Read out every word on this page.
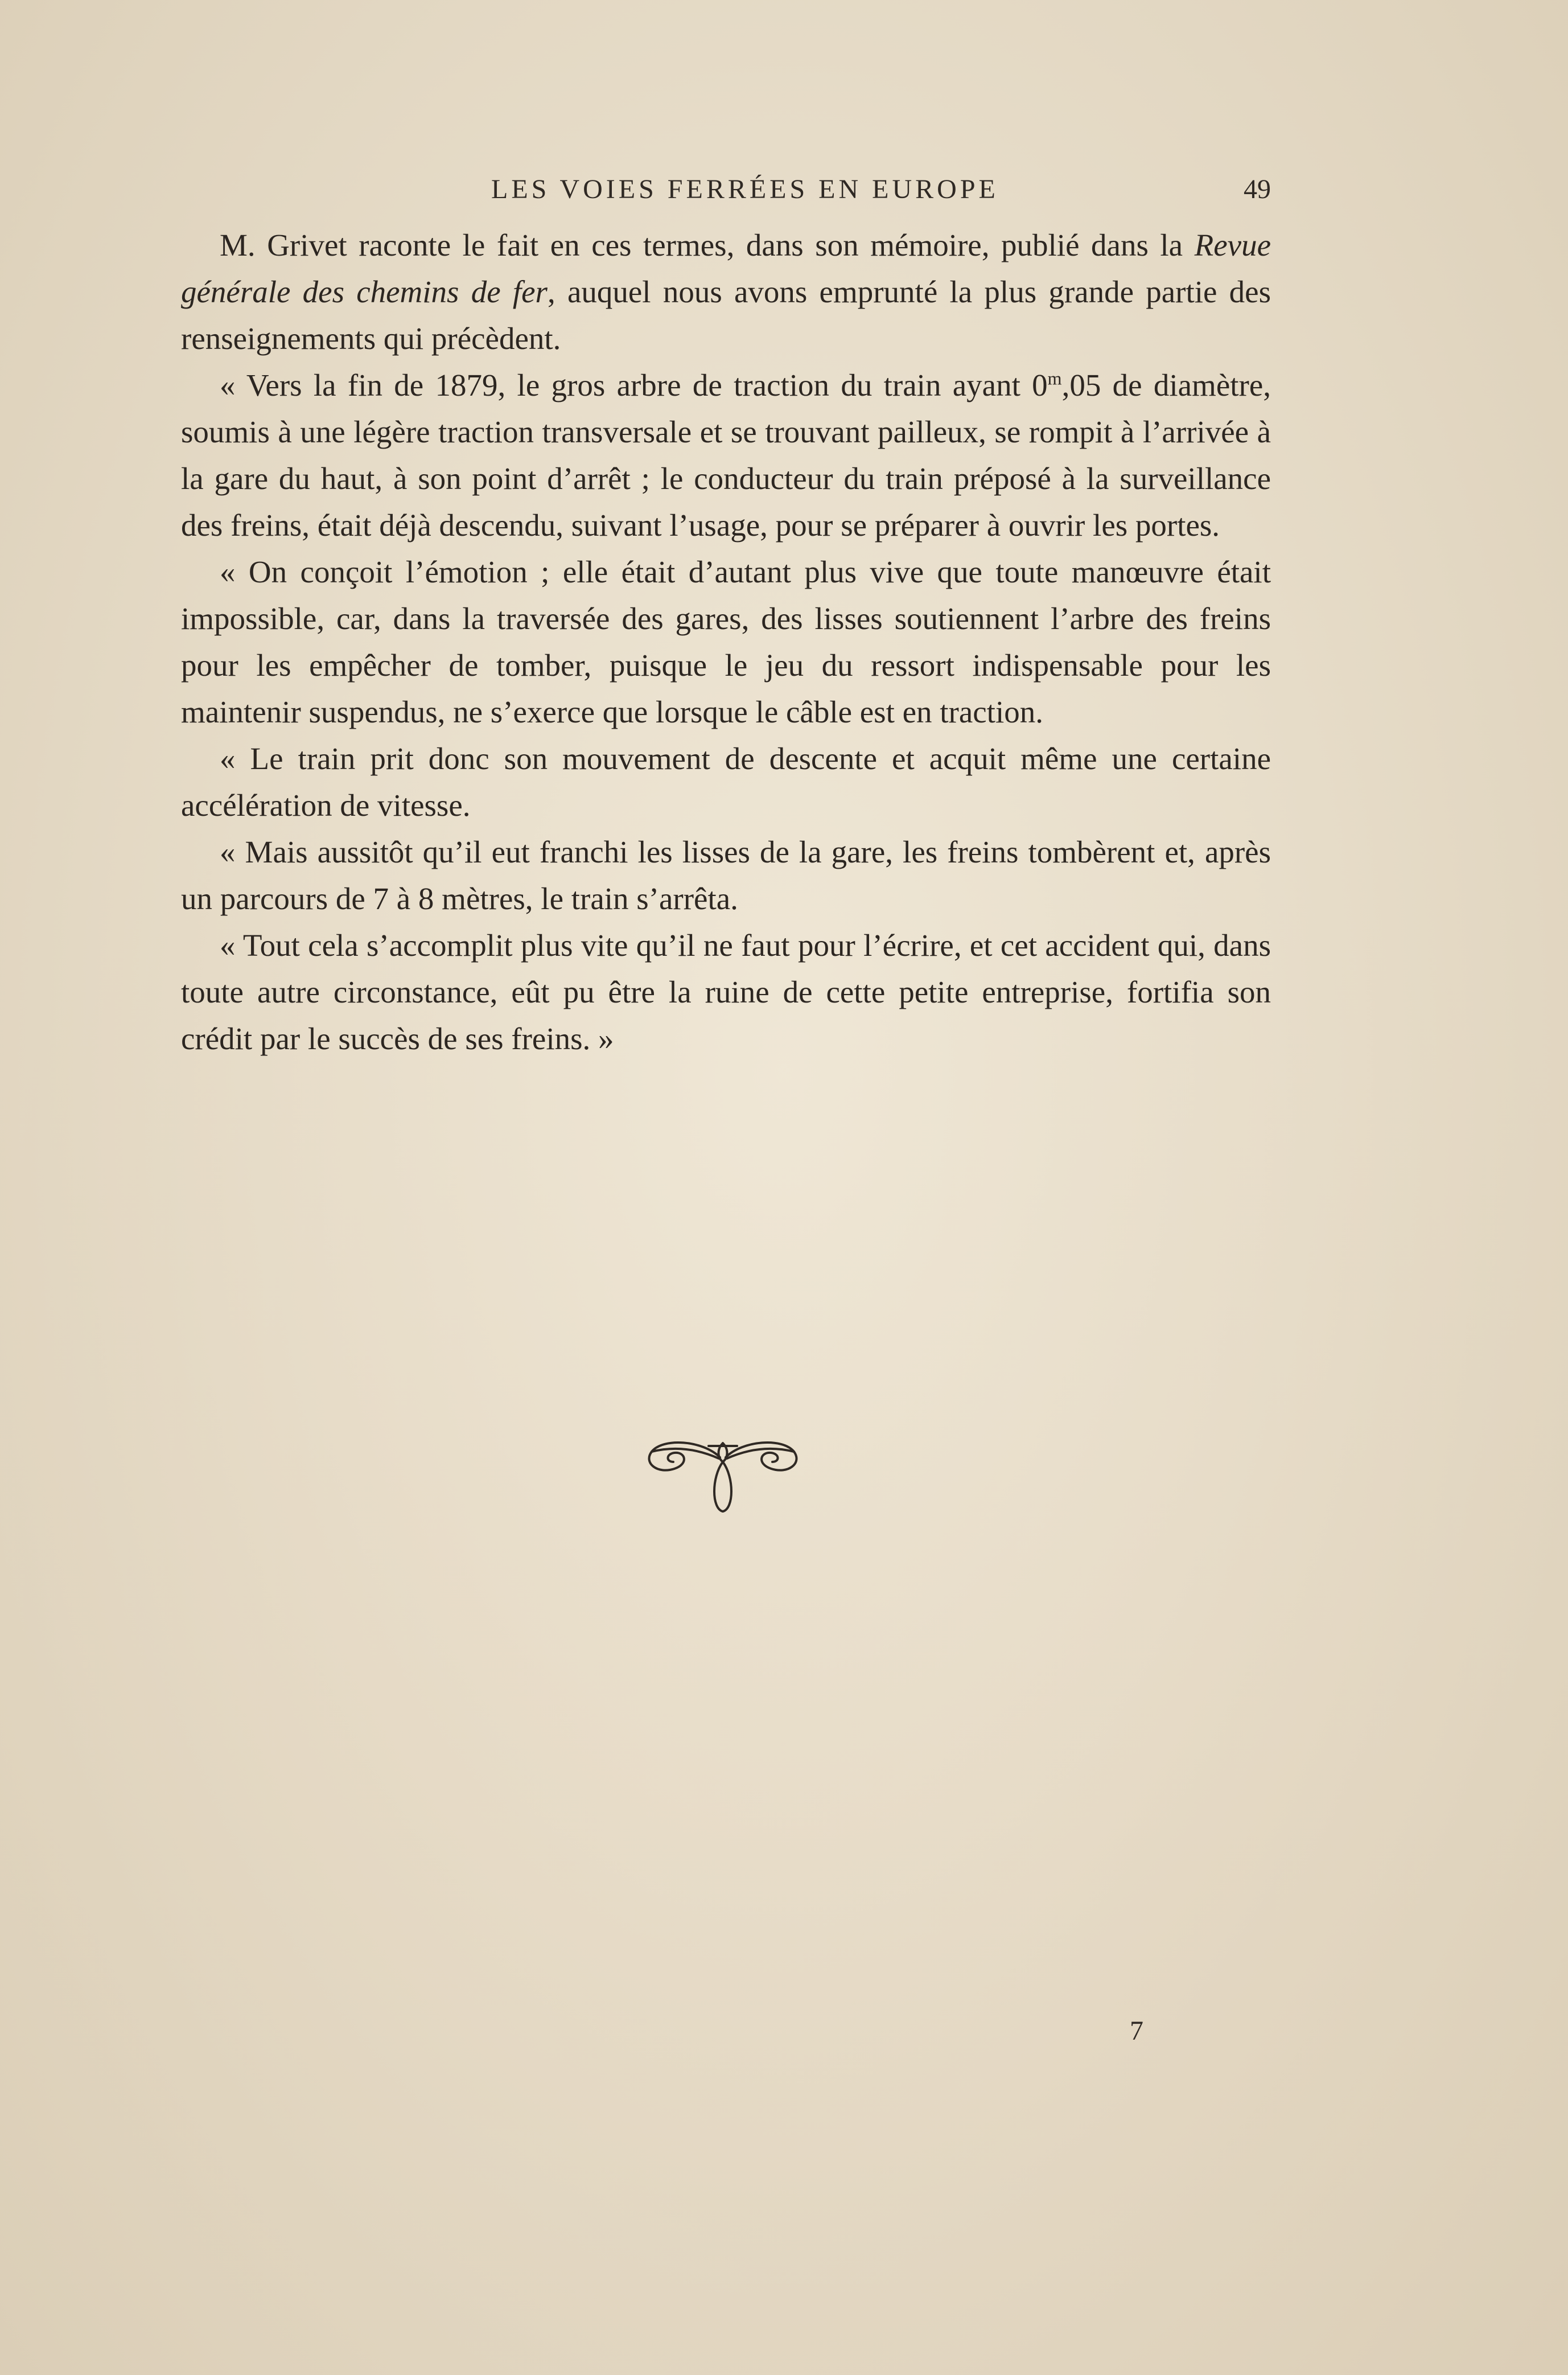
LES VOIES FERRÉES EN EUROPE	49

M. Grivet raconte le fait en ces termes, dans son mémoire, publié dans la Revue générale des chemins de fer, auquel nous avons emprunté la plus grande partie des renseignements qui précèdent.

« Vers la fin de 1879, le gros arbre de traction du train ayant 0$^m$,05 de diamètre, soumis à une légère traction transversale et se trouvant pailleux, se rompit à l’arrivée à la gare du haut, à son point d’arrêt ; le conducteur du train préposé à la surveillance des freins, était déjà descendu, suivant l’usage, pour se préparer à ouvrir les portes.

« On conçoit l’émotion ; elle était d’autant plus vive que toute manœuvre était impossible, car, dans la traversée des gares, des lisses soutiennent l’arbre des freins pour les empêcher de tomber, puisque le jeu du ressort indispensable pour les maintenir suspendus, ne s’exerce que lorsque le câble est en traction.

« Le train prit donc son mouvement de descente et acquit même une certaine accélération de vitesse.

« Mais aussitôt qu’il eut franchi les lisses de la gare, les freins tombèrent et, après un parcours de 7 à 8 mètres, le train s’arrêta.

« Tout cela s’accomplit plus vite qu’il ne faut pour l’écrire, et cet accident qui, dans toute autre circonstance, eût pu être la ruine de cette petite entreprise, fortifia son crédit par le succès de ses freins. »

7
